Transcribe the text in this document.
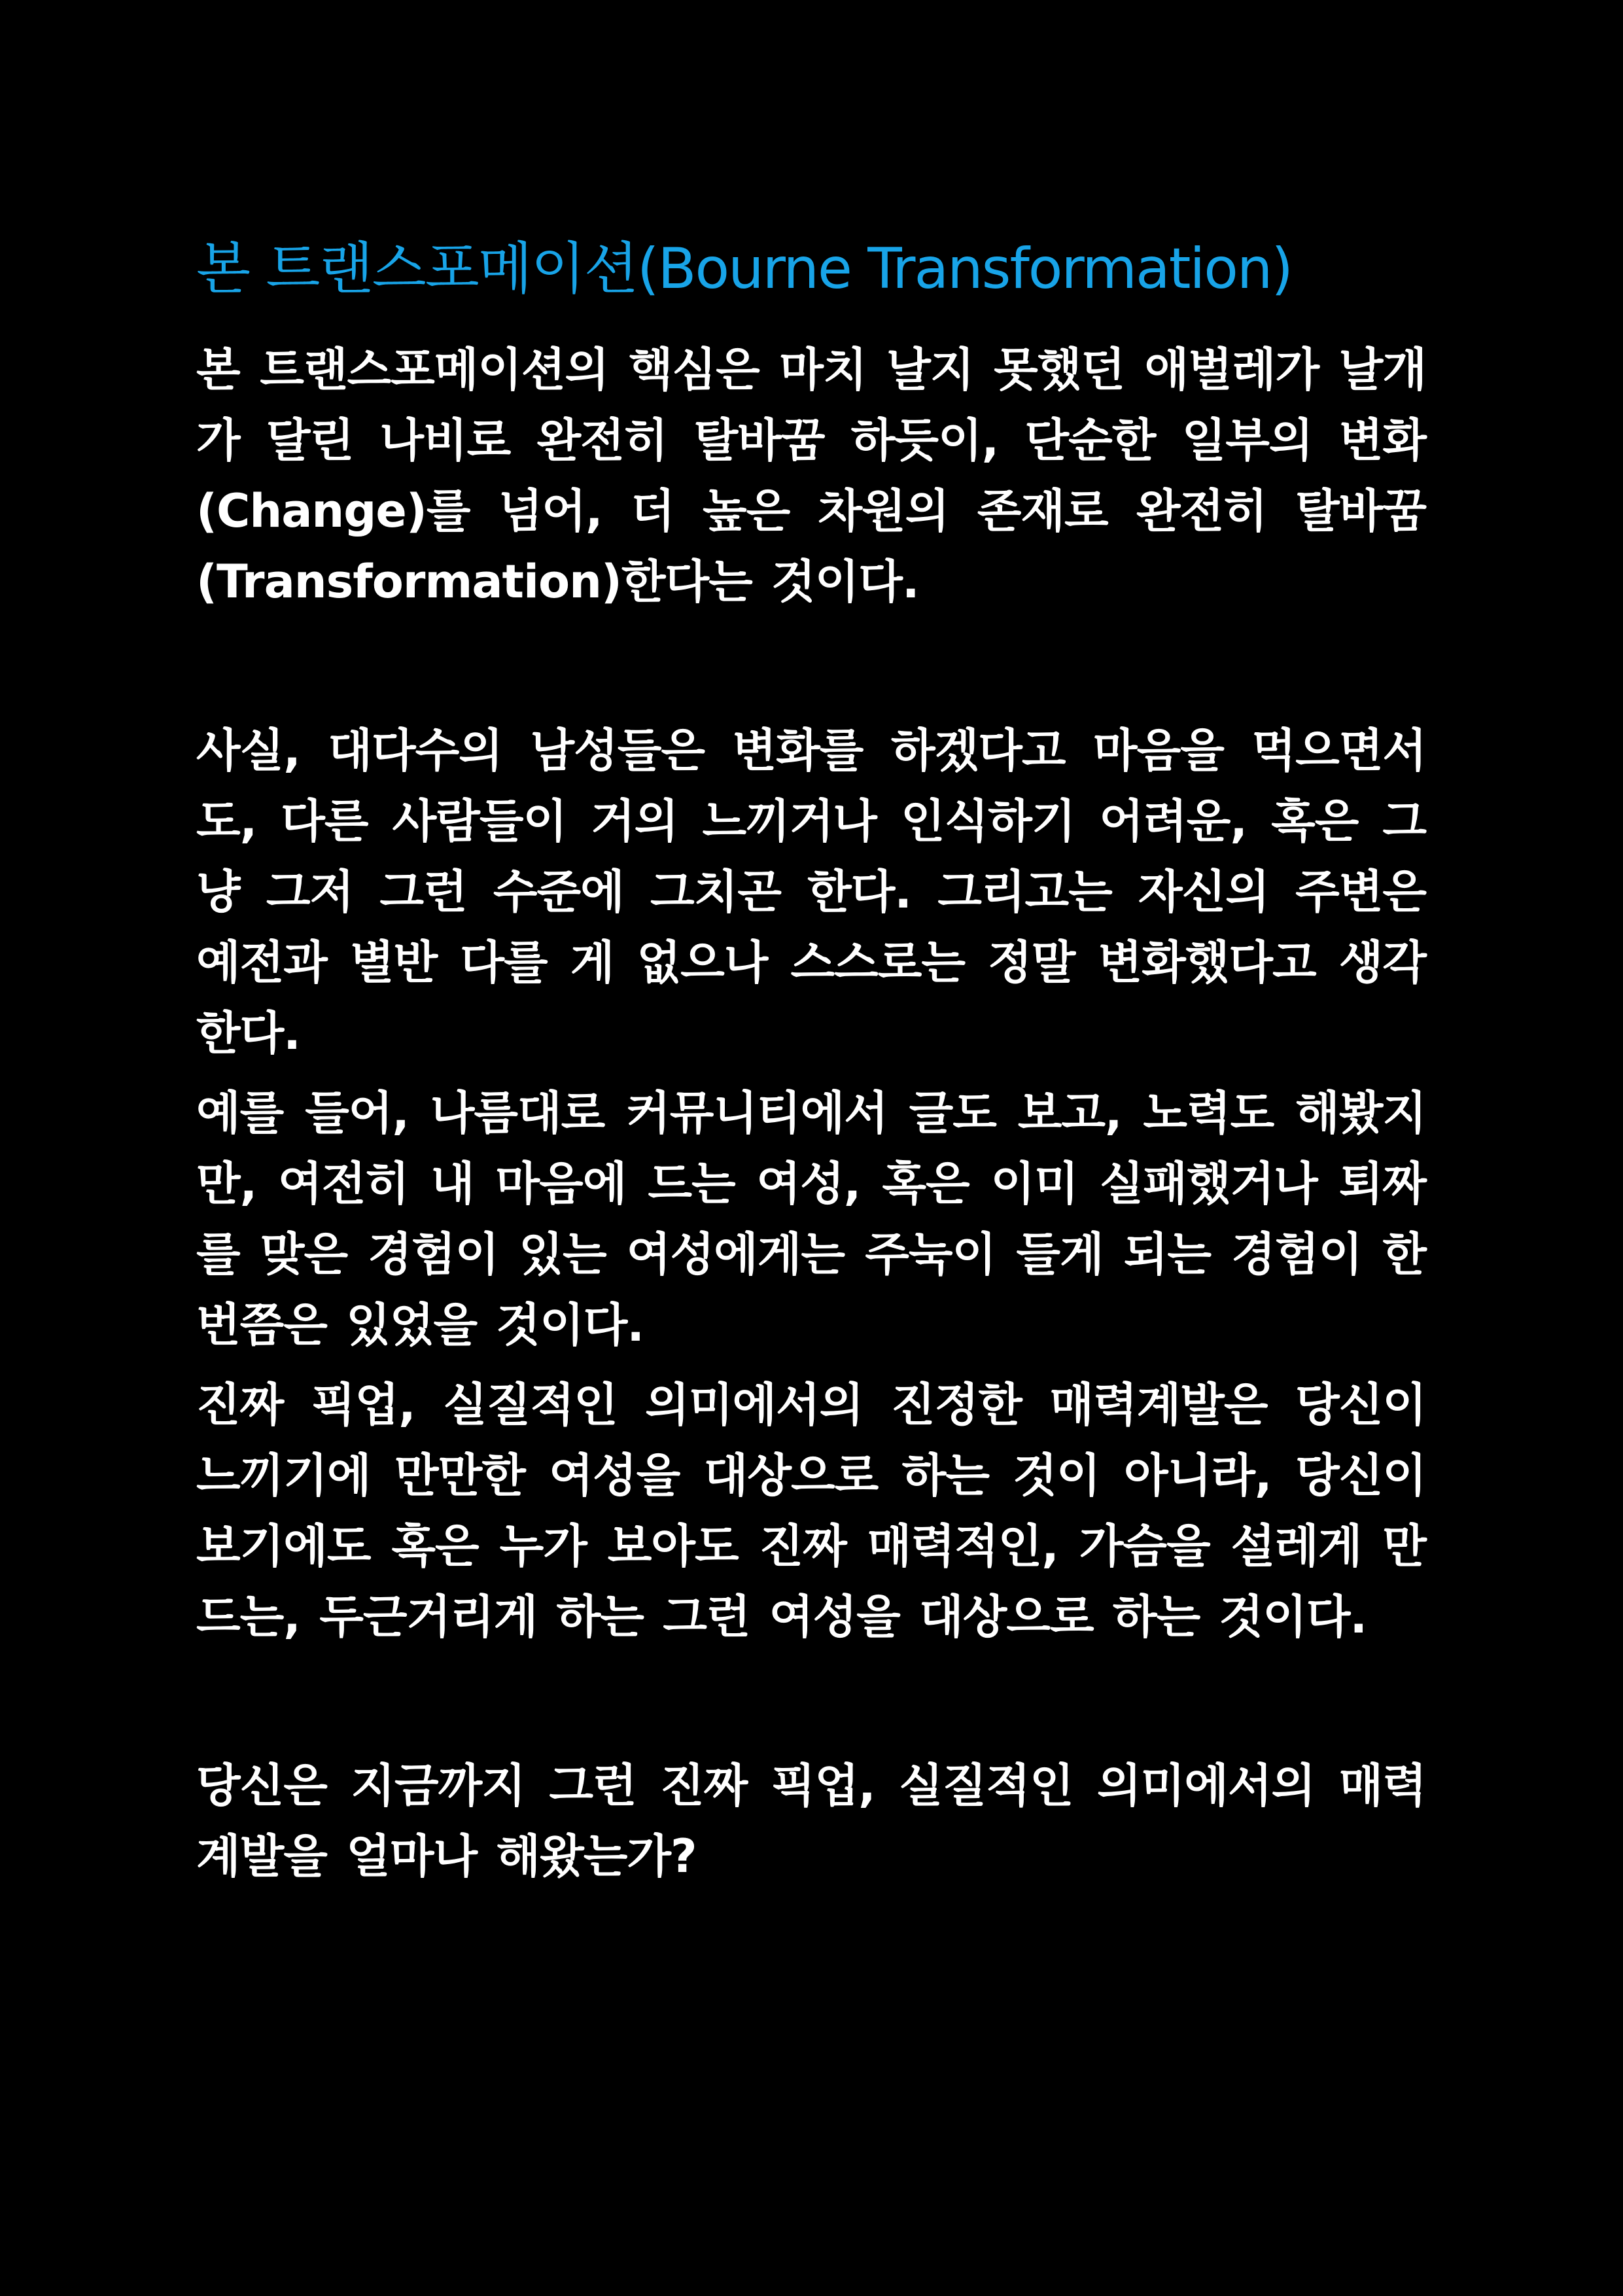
본 트랜스포메이션(Bourne Transformation)

본 트랜스포메이션의 핵심은 마치 날지 못했던 애벌레가 날개가 달린 나비로 완전히 탈바꿈 하듯이, 단순한 일부의 변화(Change)를 넘어, 더 높은 차원의 존재로 완전히 탈바꿈(Transformation)한다는 것이다.

사실, 대다수의 남성들은 변화를 하겠다고 마음을 먹으면서도, 다른 사람들이 거의 느끼거나 인식하기 어려운, 혹은 그냥 그저 그런 수준에 그치곤 한다. 그리고는 자신의 주변은 예전과 별반 다를 게 없으나 스스로는 정말 변화했다고 생각한다.

예를 들어, 나름대로 커뮤니티에서 글도 보고, 노력도 해봤지만, 여전히 내 마음에 드는 여성, 혹은 이미 실패했거나 퇴짜를 맞은 경험이 있는 여성에게는 주눅이 들게 되는 경험이 한번쯤은 있었을 것이다.

진짜 픽업, 실질적인 의미에서의 진정한 매력계발은 당신이 느끼기에 만만한 여성을 대상으로 하는 것이 아니라, 당신이 보기에도 혹은 누가 보아도 진짜 매력적인, 가슴을 설레게 만드는, 두근거리게 하는 그런 여성을 대상으로 하는 것이다.

당신은 지금까지 그런 진짜 픽업, 실질적인 의미에서의 매력계발을 얼마나 해왔는가?
